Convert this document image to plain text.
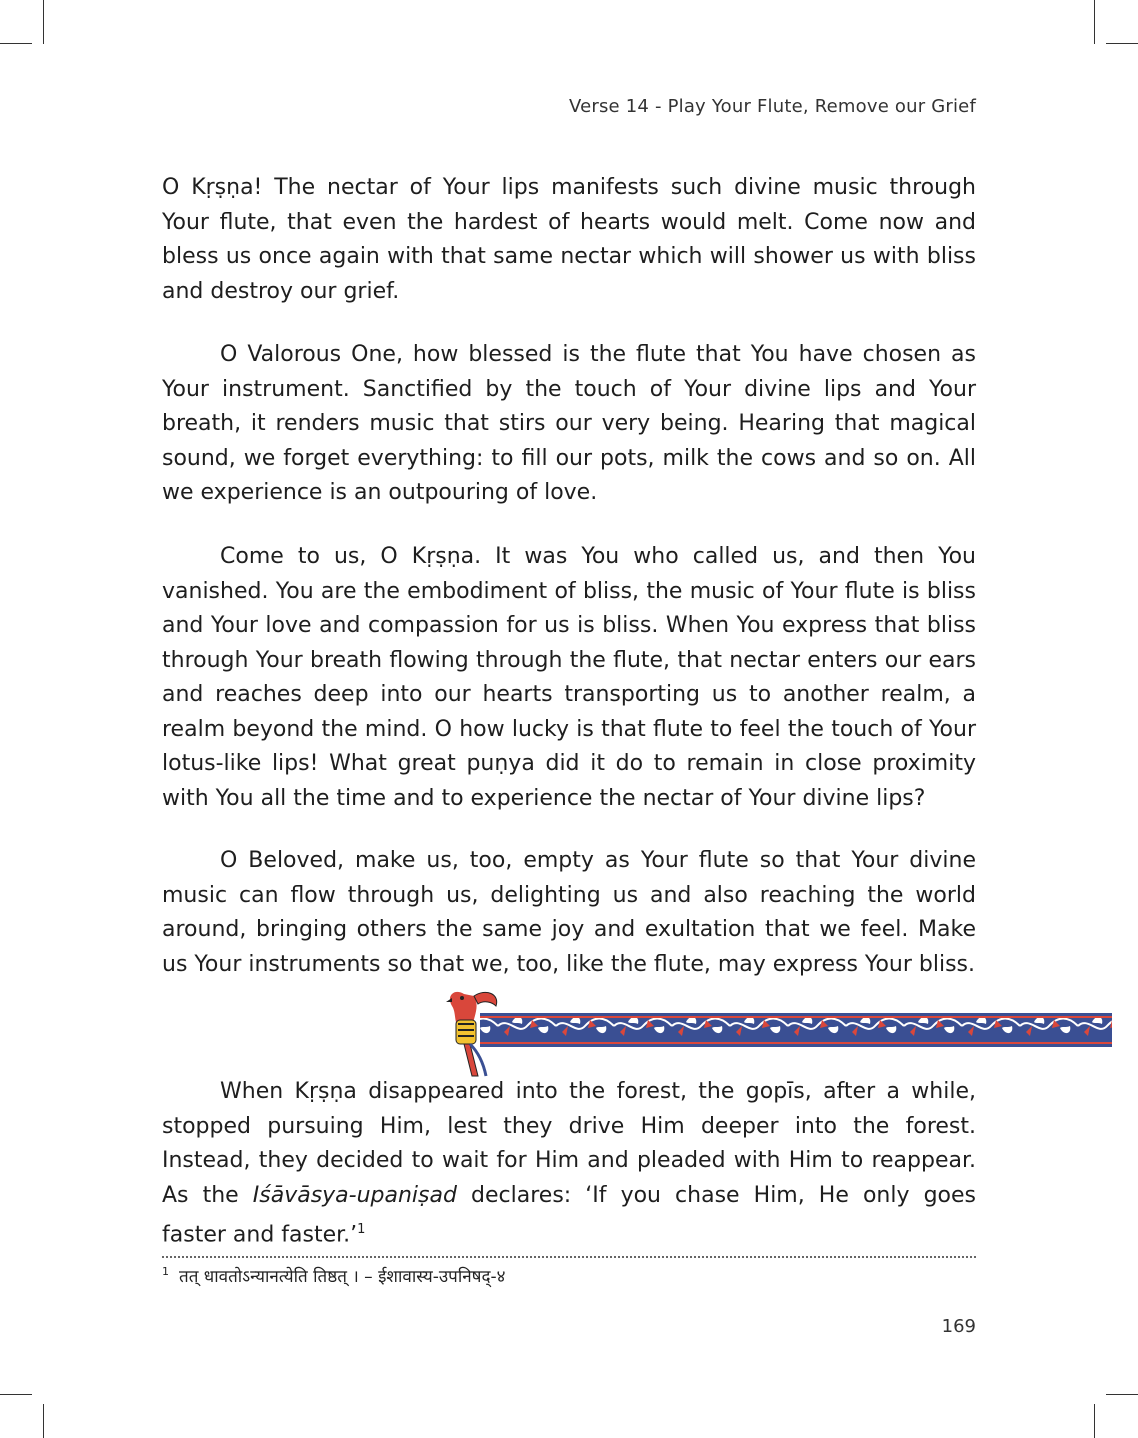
Verse 14 - Play Your Flute, Remove our Grief

O Kṛṣṇa! The nectar of Your lips manifests such divine music through Your flute, that even the hardest of hearts would melt. Come now and bless us once again with that same nectar which will shower us with bliss and destroy our grief.

O Valorous One, how blessed is the flute that You have chosen as Your instrument. Sanctified by the touch of Your divine lips and Your breath, it renders music that stirs our very being. Hearing that magical sound, we forget everything: to fill our pots, milk the cows and so on. All we experience is an outpouring of love.

Come to us, O Kṛṣṇa. It was You who called us, and then You vanished. You are the embodiment of bliss, the music of Your flute is bliss and Your love and compassion for us is bliss. When You express that bliss through Your breath flowing through the flute, that nectar enters our ears and reaches deep into our hearts transporting us to another realm, a realm beyond the mind. O how lucky is that flute to feel the touch of Your lotus-like lips! What great puṇya did it do to remain in close proximity with You all the time and to experience the nectar of Your divine lips?

O Beloved, make us, too, empty as Your flute so that Your divine music can flow through us, delighting us and also reaching the world around, bringing others the same joy and exultation that we feel. Make us Your instruments so that we, too, like the flute, may express Your bliss.

When Kṛṣṇa disappeared into the forest, the gopīs, after a while, stopped pursuing Him, lest they drive Him deeper into the forest. Instead, they decided to wait for Him and pleaded with Him to reappear. As the Iśāvāsya-upaniṣad declares: ‘If you chase Him, He only goes faster and faster.’$^1$

$^1$ तत् धावतोऽन्यानत्येति तिष्ठत् । – ईशावास्य-उपनिषद्-४
169
